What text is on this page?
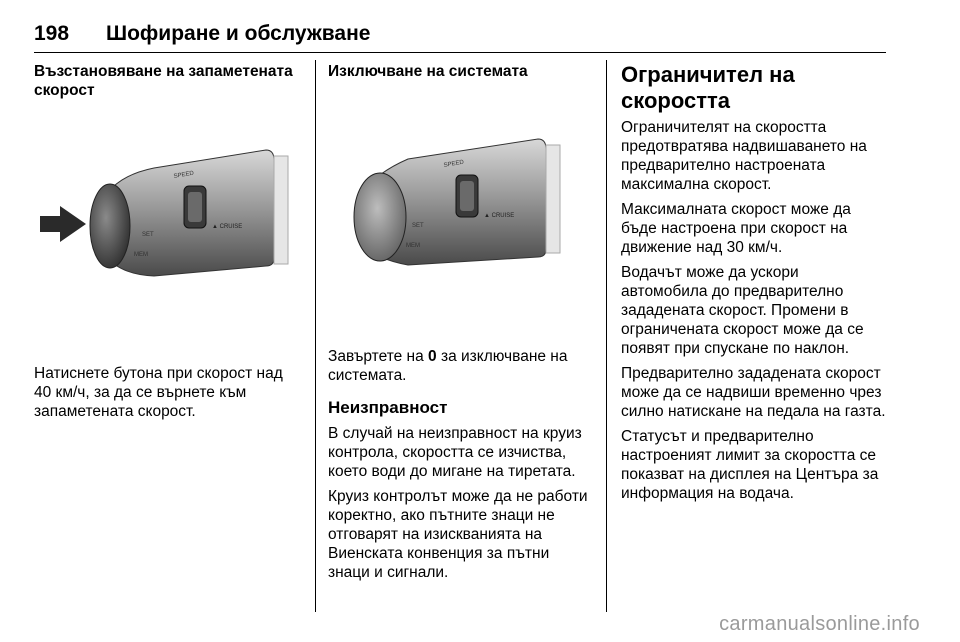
198 Шофиране и обслужване
Възстановяване на запаметената скорост
▲ CRUISE
SPEED
SET
MEM

Натиснете бутона при скорост над 40 км/ч, за да се върнете към запаметената скорост.

Изключване на системата
▲ CRUISE
SPEED
SET
MEM

Завъртете на 0 за изключване на системата.

Неизправност

В случай на неизправност на круиз контрола, скоростта се изчиства, което води до мигане на тиретата.

Круиз контролът може да не работи коректно, ако пътните знаци не отговарят на изискванията на Виенската конвенция за пътни знаци и сигнали.

Ограничител на скоростта

Ограничителят на скоростта предотвратява надвишаването на предварително настроената максимална скорост.

Максималната скорост може да бъде настроена при скорост на движение над 30 км/ч.

Водачът може да ускори автомобила до предварително зададената скорост. Промени в ограничената скорост може да се появят при спускане по наклон.

Предварително зададената скорост може да се надвиши временно чрез силно натискане на педала на газта.

Статусът и предварително настроеният лимит за скоростта се показват на дисплея на Центъра за информация на водача.

carmanualsonline.info
